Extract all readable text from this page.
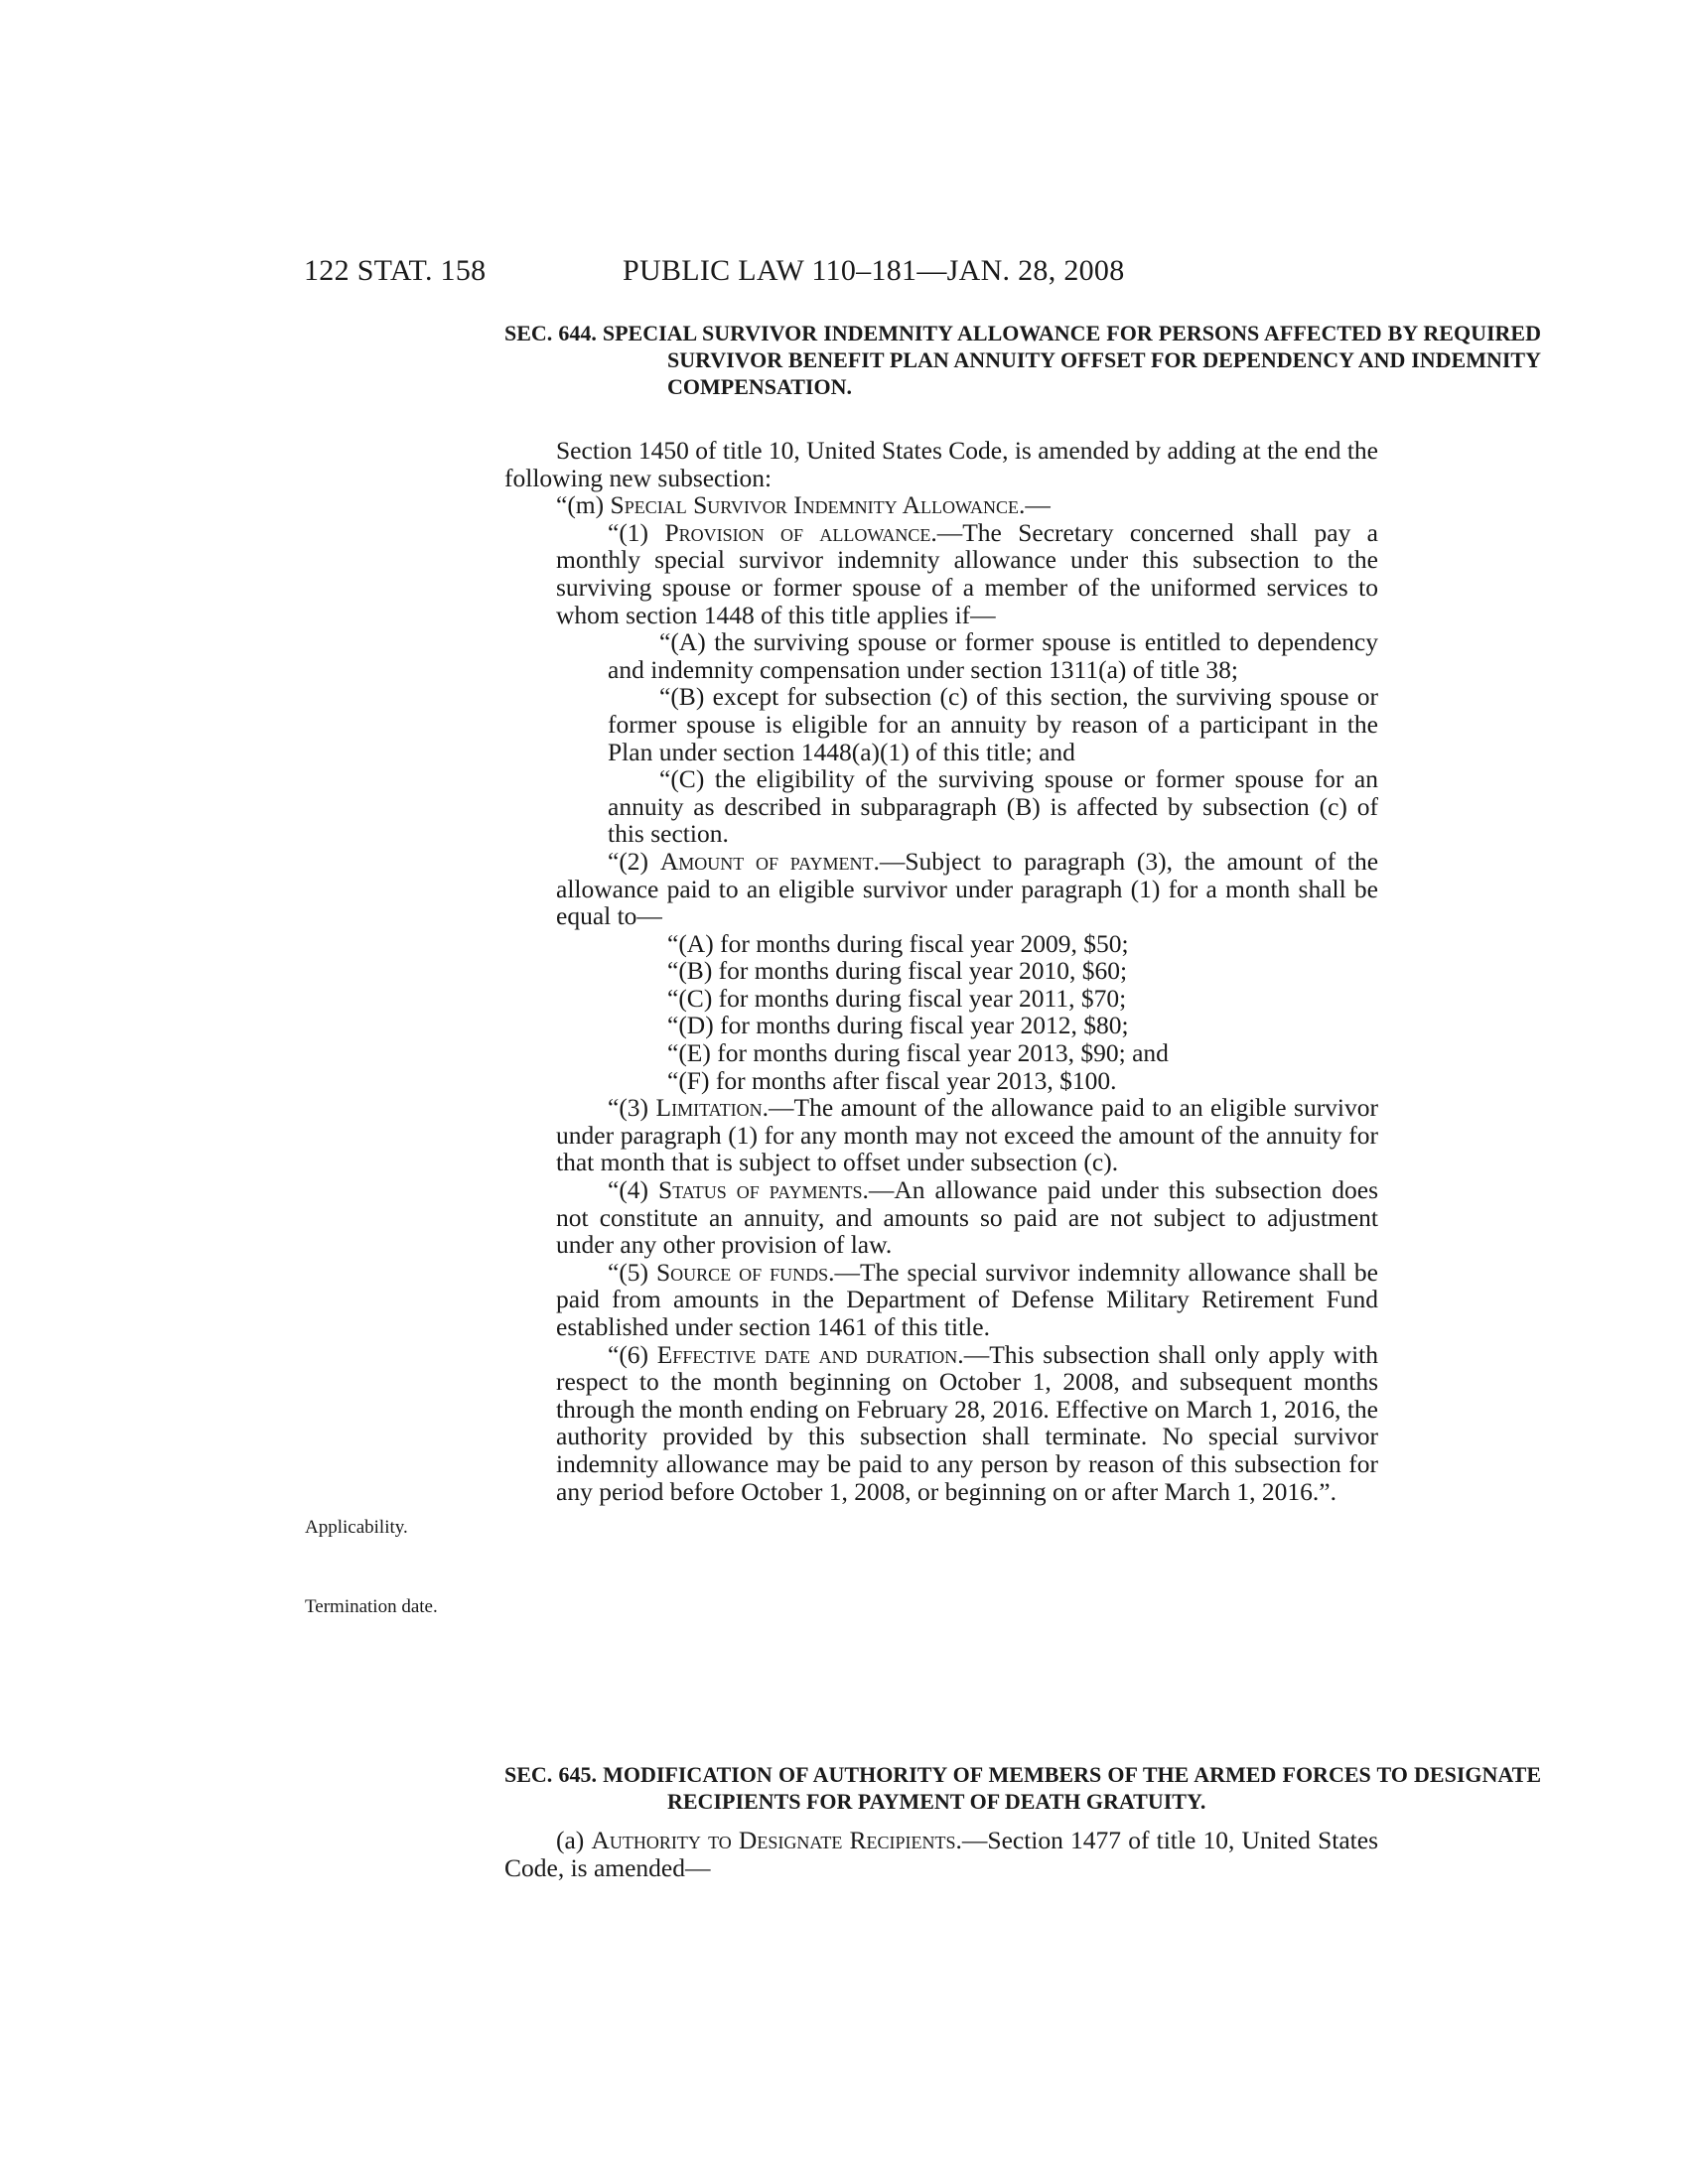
122 STAT. 158	PUBLIC LAW 110–181—JAN. 28, 2008
SEC. 644. SPECIAL SURVIVOR INDEMNITY ALLOWANCE FOR PERSONS AFFECTED BY REQUIRED SURVIVOR BENEFIT PLAN ANNUITY OFFSET FOR DEPENDENCY AND INDEMNITY COMPENSATION.

Section 1450 of title 10, United States Code, is amended by adding at the end the following new subsection:

“(m) Special Survivor Indemnity Allowance.—

“(1) Provision of allowance.—The Secretary concerned shall pay a monthly special survivor indemnity allowance under this subsection to the surviving spouse or former spouse of a member of the uniformed services to whom section 1448 of this title applies if—

“(A) the surviving spouse or former spouse is entitled to dependency and indemnity compensation under section 1311(a) of title 38;

“(B) except for subsection (c) of this section, the surviving spouse or former spouse is eligible for an annuity by reason of a participant in the Plan under section 1448(a)(1) of this title; and

“(C) the eligibility of the surviving spouse or former spouse for an annuity as described in subparagraph (B) is affected by subsection (c) of this section.

“(2) Amount of payment.—Subject to paragraph (3), the amount of the allowance paid to an eligible survivor under paragraph (1) for a month shall be equal to—

“(A) for months during fiscal year 2009, $50;

“(B) for months during fiscal year 2010, $60;

“(C) for months during fiscal year 2011, $70;

“(D) for months during fiscal year 2012, $80;

“(E) for months during fiscal year 2013, $90; and

“(F) for months after fiscal year 2013, $100.

“(3) Limitation.—The amount of the allowance paid to an eligible survivor under paragraph (1) for any month may not exceed the amount of the annuity for that month that is subject to offset under subsection (c).

“(4) Status of payments.—An allowance paid under this subsection does not constitute an annuity, and amounts so paid are not subject to adjustment under any other provision of law.

“(5) Source of funds.—The special survivor indemnity allowance shall be paid from amounts in the Department of Defense Military Retirement Fund established under section 1461 of this title.

“(6) Effective date and duration.—This subsection shall only apply with respect to the month beginning on October 1, 2008, and subsequent months through the month ending on February 28, 2016. Effective on March 1, 2016, the authority provided by this subsection shall terminate. No special survivor indemnity allowance may be paid to any person by reason of this subsection for any period before October 1, 2008, or beginning on or after March 1, 2016.”.

Applicability.
Termination date.
SEC. 645. MODIFICATION OF AUTHORITY OF MEMBERS OF THE ARMED FORCES TO DESIGNATE RECIPIENTS FOR PAYMENT OF DEATH GRATUITY.

(a) Authority to Designate Recipients.—Section 1477 of title 10, United States Code, is amended—
